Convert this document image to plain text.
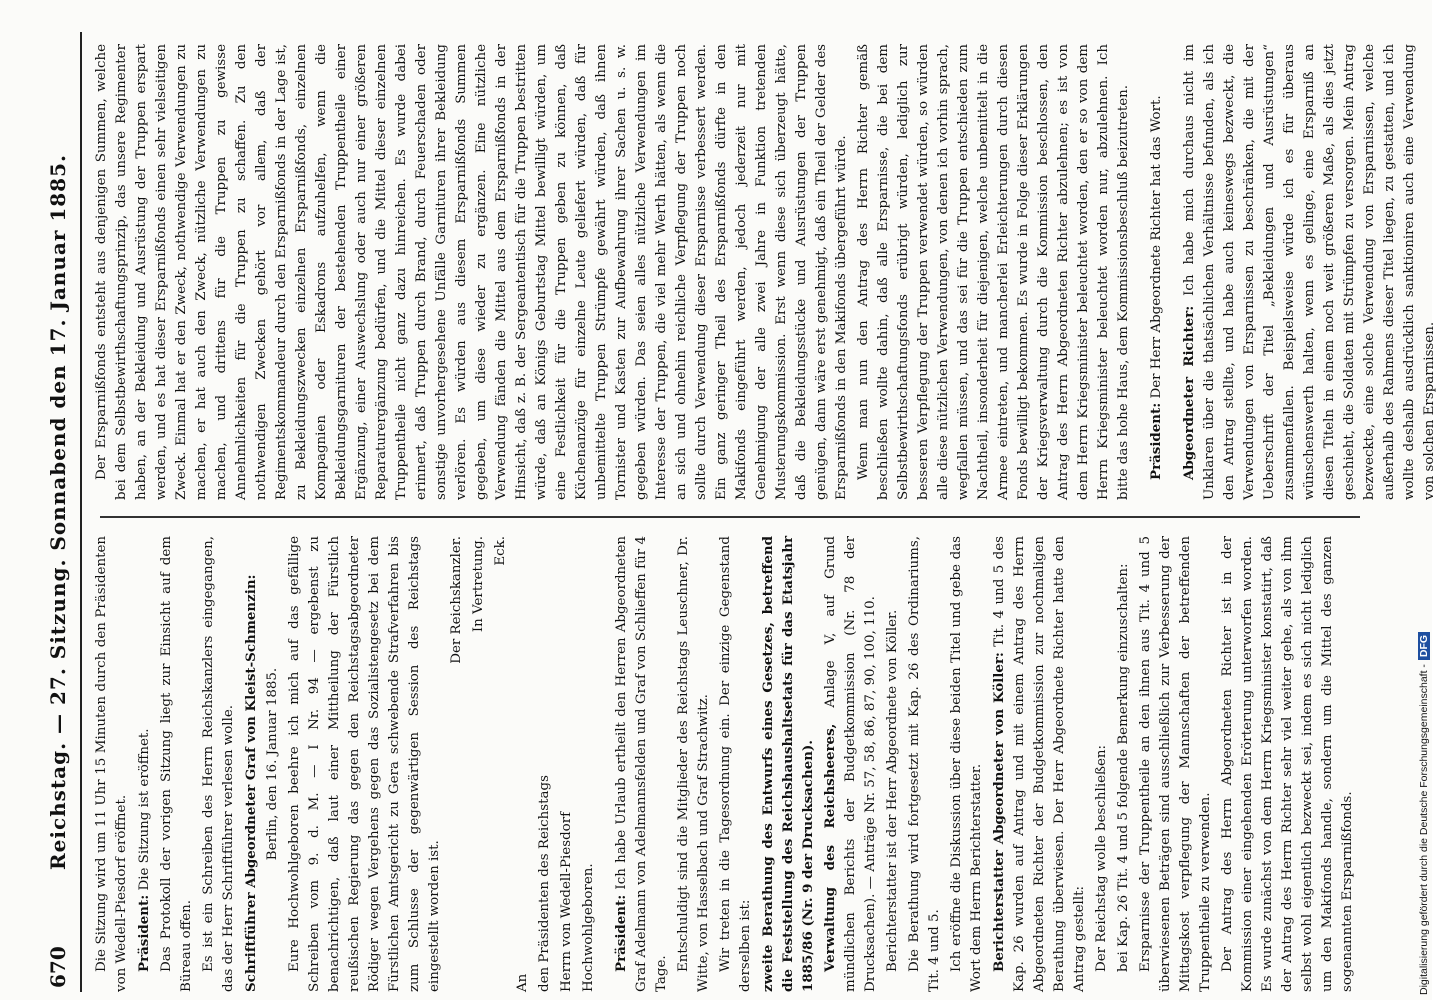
670
Reichstag. — 27. Sitzung. Sonnabend den 17. Januar 1885. Die Sitzung wird um 11 Uhr 15 Minuten durch den Präsidenten von Wedell-Piesdorf eröffnet. Präsident: Die Sitzung ist eröffnet. Das Protokoll der vorigen Sitzung liegt zur Einsicht auf dem Büreau offen. Es ist ein Schreiben des Herrn Reichskanzlers eingegangen, das der Herr Schriftführer verlesen wolle. Schriftführer Abgeordneter Graf von Kleist-Schmenzin: Berlin, den 16. Januar 1885. Eure Hochwohlgeboren beehre ich mich auf das gefällige Schreiben vom 9. d. M. — I Nr. 94 — ergebenst zu benachrichtigen, daß laut einer Mittheilung der Fürstlich reußischen Regierung das gegen den Reichstagsabgeordneter Rödiger wegen Vergehens gegen das Sozialistengesetz bei dem Fürstlichen Amtsgericht zu Gera schwebende Strafverfahren bis zum Schlusse der gegenwärtigen Session des Reichstags eingestellt worden ist.

Der Reichskanzler. In Vertretung. Eck.

An den Präsidenten des Reichstags Herrn von Wedell-Piesdorf Hochwohlgeboren. Präsident: Ich habe Urlaub ertheilt den Herren Abgeordneten Graf Adelmann von Adelmannsfelden und Graf von Schlieffen für 4 Tage.

Entschuldigt sind die Mitglieder des Reichstags Leuschner, Dr. Witte, von Hasselbach und Graf Strachwitz. Wir treten in die Tagesordnung ein. Der einzige Gegenstand derselben ist: zweite Berathung des Entwurfs eines Gesetzes, betreffend die Feststellung des Reichshaushaltsetats für das Etatsjahr 1885/86 (Nr. 9 der Drucksachen). Verwaltung des Reichsheeres, Anlage V, auf Grund mündlichen Berichts der Budgetkommission (Nr. 78 der Drucksachen). — Anträge Nr. 57, 58, 86, 87, 90, 100, 110. Berichterstatter ist der Herr Abgeordnete von Köller. Die Berathung wird fortgesetzt mit Kap. 26 des Ordinariums, Tit. 4 und 5. Ich eröffne die Diskussion über diese beiden Titel und gebe das Wort dem Herrn Berichterstatter. Berichterstatter Abgeordneter von Köller: Tit. 4 und 5 des Kap. 26 wurden auf Antrag und mit einem Antrag des Herrn Abgeordneten Richter der Budgetkommission zur nochmaligen Berathung überwiesen. Der Herr Abgeordnete Richter hatte den Antrag gestellt: Der Reichstag wolle beschließen: bei Kap. 26 Tit. 4 und 5 folgende Bemerkung einzuschalten: Ersparnisse der Truppentheile an den ihnen aus Tit. 4 und 5 überwiesenen Beträgen sind ausschließlich zur Verbesserung der Mittagskost verpflegung der Mannschaften der betreffenden Truppentheile zu verwenden. Der Antrag des Herrn Abgeordneten Richter ist in der Kommission einer eingehenden Erörterung unterworfen worden. Es wurde zunächst von dem Herrn Kriegsminister konstatirt, daß der Antrag des Herrn Richter sehr viel weiter gehe, als von ihm selbst wohl eigentlich bezweckt sei, indem es sich nicht lediglich um den Makifonds handle, sondern um die Mittel des ganzen sogenannten Ersparnißfonds.

Der Ersparnißfonds entsteht aus denjenigen Summen, welche bei dem Selbstbewirthschaftungsprinzip, das unsere Regimenter haben, an der Bekleidung und Ausrüstung der Truppen erspart werden, und es hat dieser Ersparnißfonds einen sehr vielseitigen Zweck. Einmal hat er den Zweck, nothwendige Verwendungen zu machen, er hat auch den Zweck, nützliche Verwendungen zu machen, und drittens für die Truppen zu gewisse Annehmlichkeiten für die Truppen zu schaffen. Zu den nothwendigen Zwecken gehört vor allem, daß der Regimentskommandeur durch den Ersparnißfonds in der Lage ist, zu Bekleidungszwecken einzelnen Ersparnißfonds, einzelnen Kompagnien oder Eskadrons aufzuhelfen, wenn die Bekleidungsgarnituren der bestehenden Truppentheile einer Ergänzung, einer Auswechslung oder auch nur einer größeren Reparaturergänzung bedürfen, und die Mittel dieser einzelnen Truppentheile nicht ganz dazu hinreichen. Es wurde dabei erinnert, daß Truppen durch Brand, durch Feuerschaden oder sonstige unvorhergesehene Unfälle Garnituren ihrer Bekleidung verlören. Es würden aus diesem Ersparnißfonds Summen gegeben, um diese wieder zu ergänzen. Eine nützliche Verwendung fänden die Mittel aus dem Ersparnißfonds in der Hinsicht, daß z. B. der Sergeantentisch für die Truppen bestritten würde, daß an Königs Geburtstag Mittel bewilligt würden, um eine Festlichkeit für die Truppen geben zu können, daß Küchenanzüge für einzelne Leute geliefert würden, daß für unbemittelte Truppen Strümpfe gewährt würden, daß ihnen Tornister und Kasten zur Aufbewahrung ihrer Sachen u. s. w. gegeben würden. Das seien alles nützliche Verwendungen im Interesse der Truppen, die viel mehr Werth hätten, als wenn die an sich und ohnehin reichliche Verpflegung der Truppen noch sollte durch Verwendung dieser Ersparnisse verbessert werden. Ein ganz geringer Theil des Ersparnißfonds dürfte in den Makifonds eingeführt werden, jedoch jederzeit nur mit Genehmigung der alle zwei Jahre in Funktion tretenden Musterungskommission. Erst wenn diese sich überzeugt hätte, daß die Bekleidungsstücke und Ausrüstungen der Truppen genügen, dann wäre erst genehmigt, daß ein Theil der Gelder des Ersparnißfonds in den Makifonds übergeführt würde. Wenn man nun den Antrag des Herrn Richter gemäß beschließen wollte dahin, daß alle Ersparnisse, die bei dem Selbstbewirthschaftungsfonds erübrigt würden, lediglich zur besseren Verpflegung der Truppen verwendet würden, so würden alle diese nützlichen Verwendungen, von denen ich vorhin sprach, wegfallen müssen, und das sei für die Truppen entschieden zum Nachtheil, insonderheit für diejenigen, welche unbemittelt in die Armee eintreten, und mancherlei Erleichterungen durch diesen Fonds bewilligt bekommen. Es wurde in Folge dieser Erklärungen der Kriegsverwaltung durch die Kommission beschlossen, den Antrag des Herrn Abgeordneten Richter abzulehnen; es ist von dem Herrn Kriegsminister beleuchtet worden, den er so von dem Herrn Kriegsminister beleuchtet worden nur, abzulehnen. Ich bitte das hohe Haus, dem Kommissionsbeschluß beizutreten. Präsident: Der Herr Abgeordnete Richter hat das Wort. Abgeordneter Richter: Ich habe mich durchaus nicht im Unklaren über die thatsächlichen Verhältnisse befunden, als ich den Antrag stellte, und habe auch keineswegs bezweckt, die Verwendungen von Ersparnissen zu beschränken, die mit der Ueberschrift der Titel „Bekleidungen und Ausrüstungen“ zusammenfallen. Beispielsweise würde ich es für überaus wünschenswerth halten, wenn es gelinge, eine Ersparniß an diesen Titeln in einem noch weit größeren Maße, als dies jetzt geschieht, die Soldaten mit Strümpfen zu versorgen. Mein Antrag bezweckte, eine solche Verwendung von Ersparnissen, welche außerhalb des Rahmens dieser Titel liegen, zu gestatten, und ich wollte deshalb ausdrücklich sanktioniren auch eine Verwendung von solchen Ersparnissen.

Digitalisierung gefördert durch die Deutsche Forschungsgemeinschaft -DFG
